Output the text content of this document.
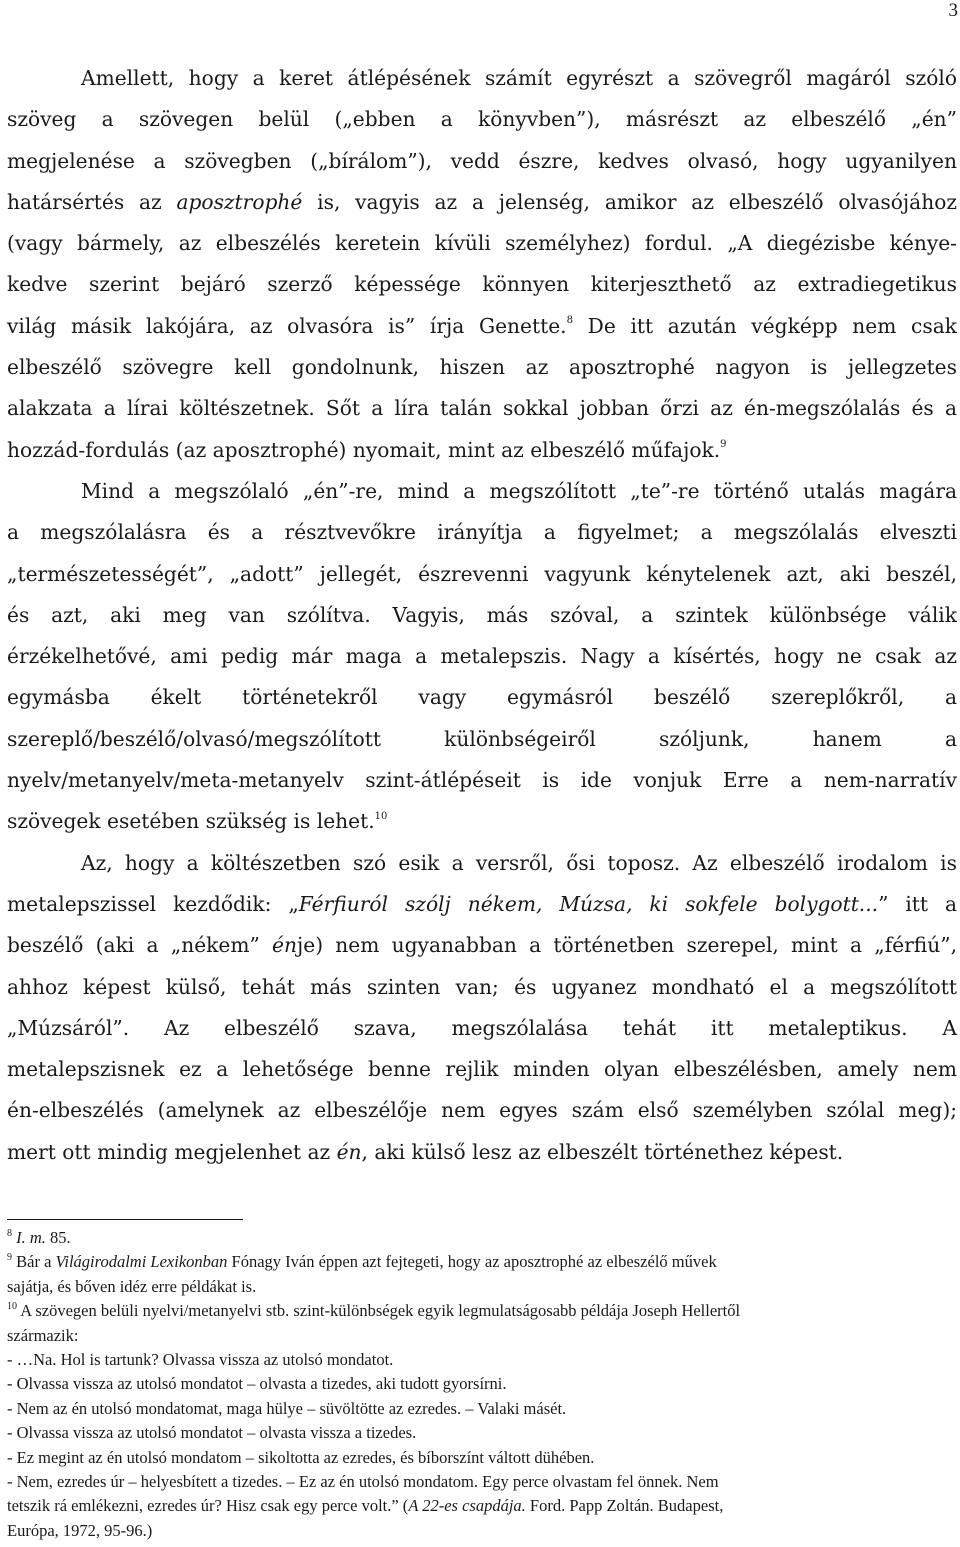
3
Amellett, hogy a keret átlépésének számít egyrészt a szövegről magáról szóló
szöveg a szövegen belül („ebben a könyvben”), másrészt az elbeszélő „én”
megjelenése a szövegben („bírálom”), vedd észre, kedves olvasó, hogy ugyanilyen
határsértés az aposztrophé is, vagyis az a jelenség, amikor az elbeszélő olvasójához
(vagy bármely, az elbeszélés keretein kívüli személyhez) fordul. „A diegézisbe kénye-
kedve szerint bejáró szerző képessége könnyen kiterjeszthető az extradiegetikus
világ másik lakójára, az olvasóra is” írja Genette.$^8$ De itt azután végképp nem csak
elbeszélő szövegre kell gondolnunk, hiszen az aposztrophé nagyon is jellegzetes
alakzata a lírai költészetnek. Sőt a líra talán sokkal jobban őrzi az én-megszólalás és a
hozzád-fordulás (az aposztrophé) nyomait, mint az elbeszélő műfajok.$^9$
Mind a megszólaló „én”-re, mind a megszólított „te”-re történő utalás magára
a megszólalásra és a résztvevőkre irányítja a figyelmet; a megszólalás elveszti
„természetességét”, „adott” jellegét, észrevenni vagyunk kénytelenek azt, aki beszél,
és azt, aki meg van szólítva. Vagyis, más szóval, a szintek különbsége válik
érzékelhetővé, ami pedig már maga a metalepszis. Nagy a kísértés, hogy ne csak az
egymásba ékelt történetekről vagy egymásról beszélő szereplőkről, a
szereplő/beszélő/olvasó/megszólított különbségeiről szóljunk, hanem a
nyelv/metanyelv/meta-metanyelv szint-átlépéseit is ide vonjuk Erre a nem-narratív
szövegek esetében szükség is lehet.$^{10}$
Az, hogy a költészetben szó esik a versről, ősi toposz. Az elbeszélő irodalom is
metalepszissel kezdődik: „Férfiuról szólj nékem, Múzsa, ki sokfele bolygott...” itt a
beszélő (aki a „nékem” énje) nem ugyanabban a történetben szerepel, mint a „férfiú”,
ahhoz képest külső, tehát más szinten van; és ugyanez mondható el a megszólított
„Múzsáról”. Az elbeszélő szava, megszólalása tehát itt metaleptikus. A
metalepszisnek ez a lehetősége benne rejlik minden olyan elbeszélésben, amely nem
én-elbeszélés (amelynek az elbeszélője nem egyes szám első személyben szólal meg);
mert ott mindig megjelenhet az én, aki külső lesz az elbeszélt történethez képest.
$^8$ I. m. 85.
$^9$ Bár a Világirodalmi Lexikonban Fónagy Iván éppen azt fejtegeti, hogy az aposztrophé az elbeszélő művek
sajátja, és bőven idéz erre példákat is.
$^{10}$ A szövegen belüli nyelvi/metanyelvi stb. szint-különbségek egyik legmulatságosabb példája Joseph Hellertől
származik:
- …Na. Hol is tartunk? Olvassa vissza az utolsó mondatot.
- Olvassa vissza az utolsó mondatot – olvasta a tizedes, aki tudott gyorsírni.
- Nem az én utolsó mondatomat, maga hülye – süvöltötte az ezredes. – Valaki másét.
- Olvassa vissza az utolsó mondatot – olvasta vissza a tizedes.
- Ez megint az én utolsó mondatom – sikoltotta az ezredes, és bíborszínt váltott dühében.
- Nem, ezredes úr – helyesbített a tizedes. – Ez az én utolsó mondatom. Egy perce olvastam fel önnek. Nem
tetszik rá emlékezni, ezredes úr? Hisz csak egy perce volt.” (A 22-es csapdája. Ford. Papp Zoltán. Budapest,
Európa, 1972, 95-96.)
